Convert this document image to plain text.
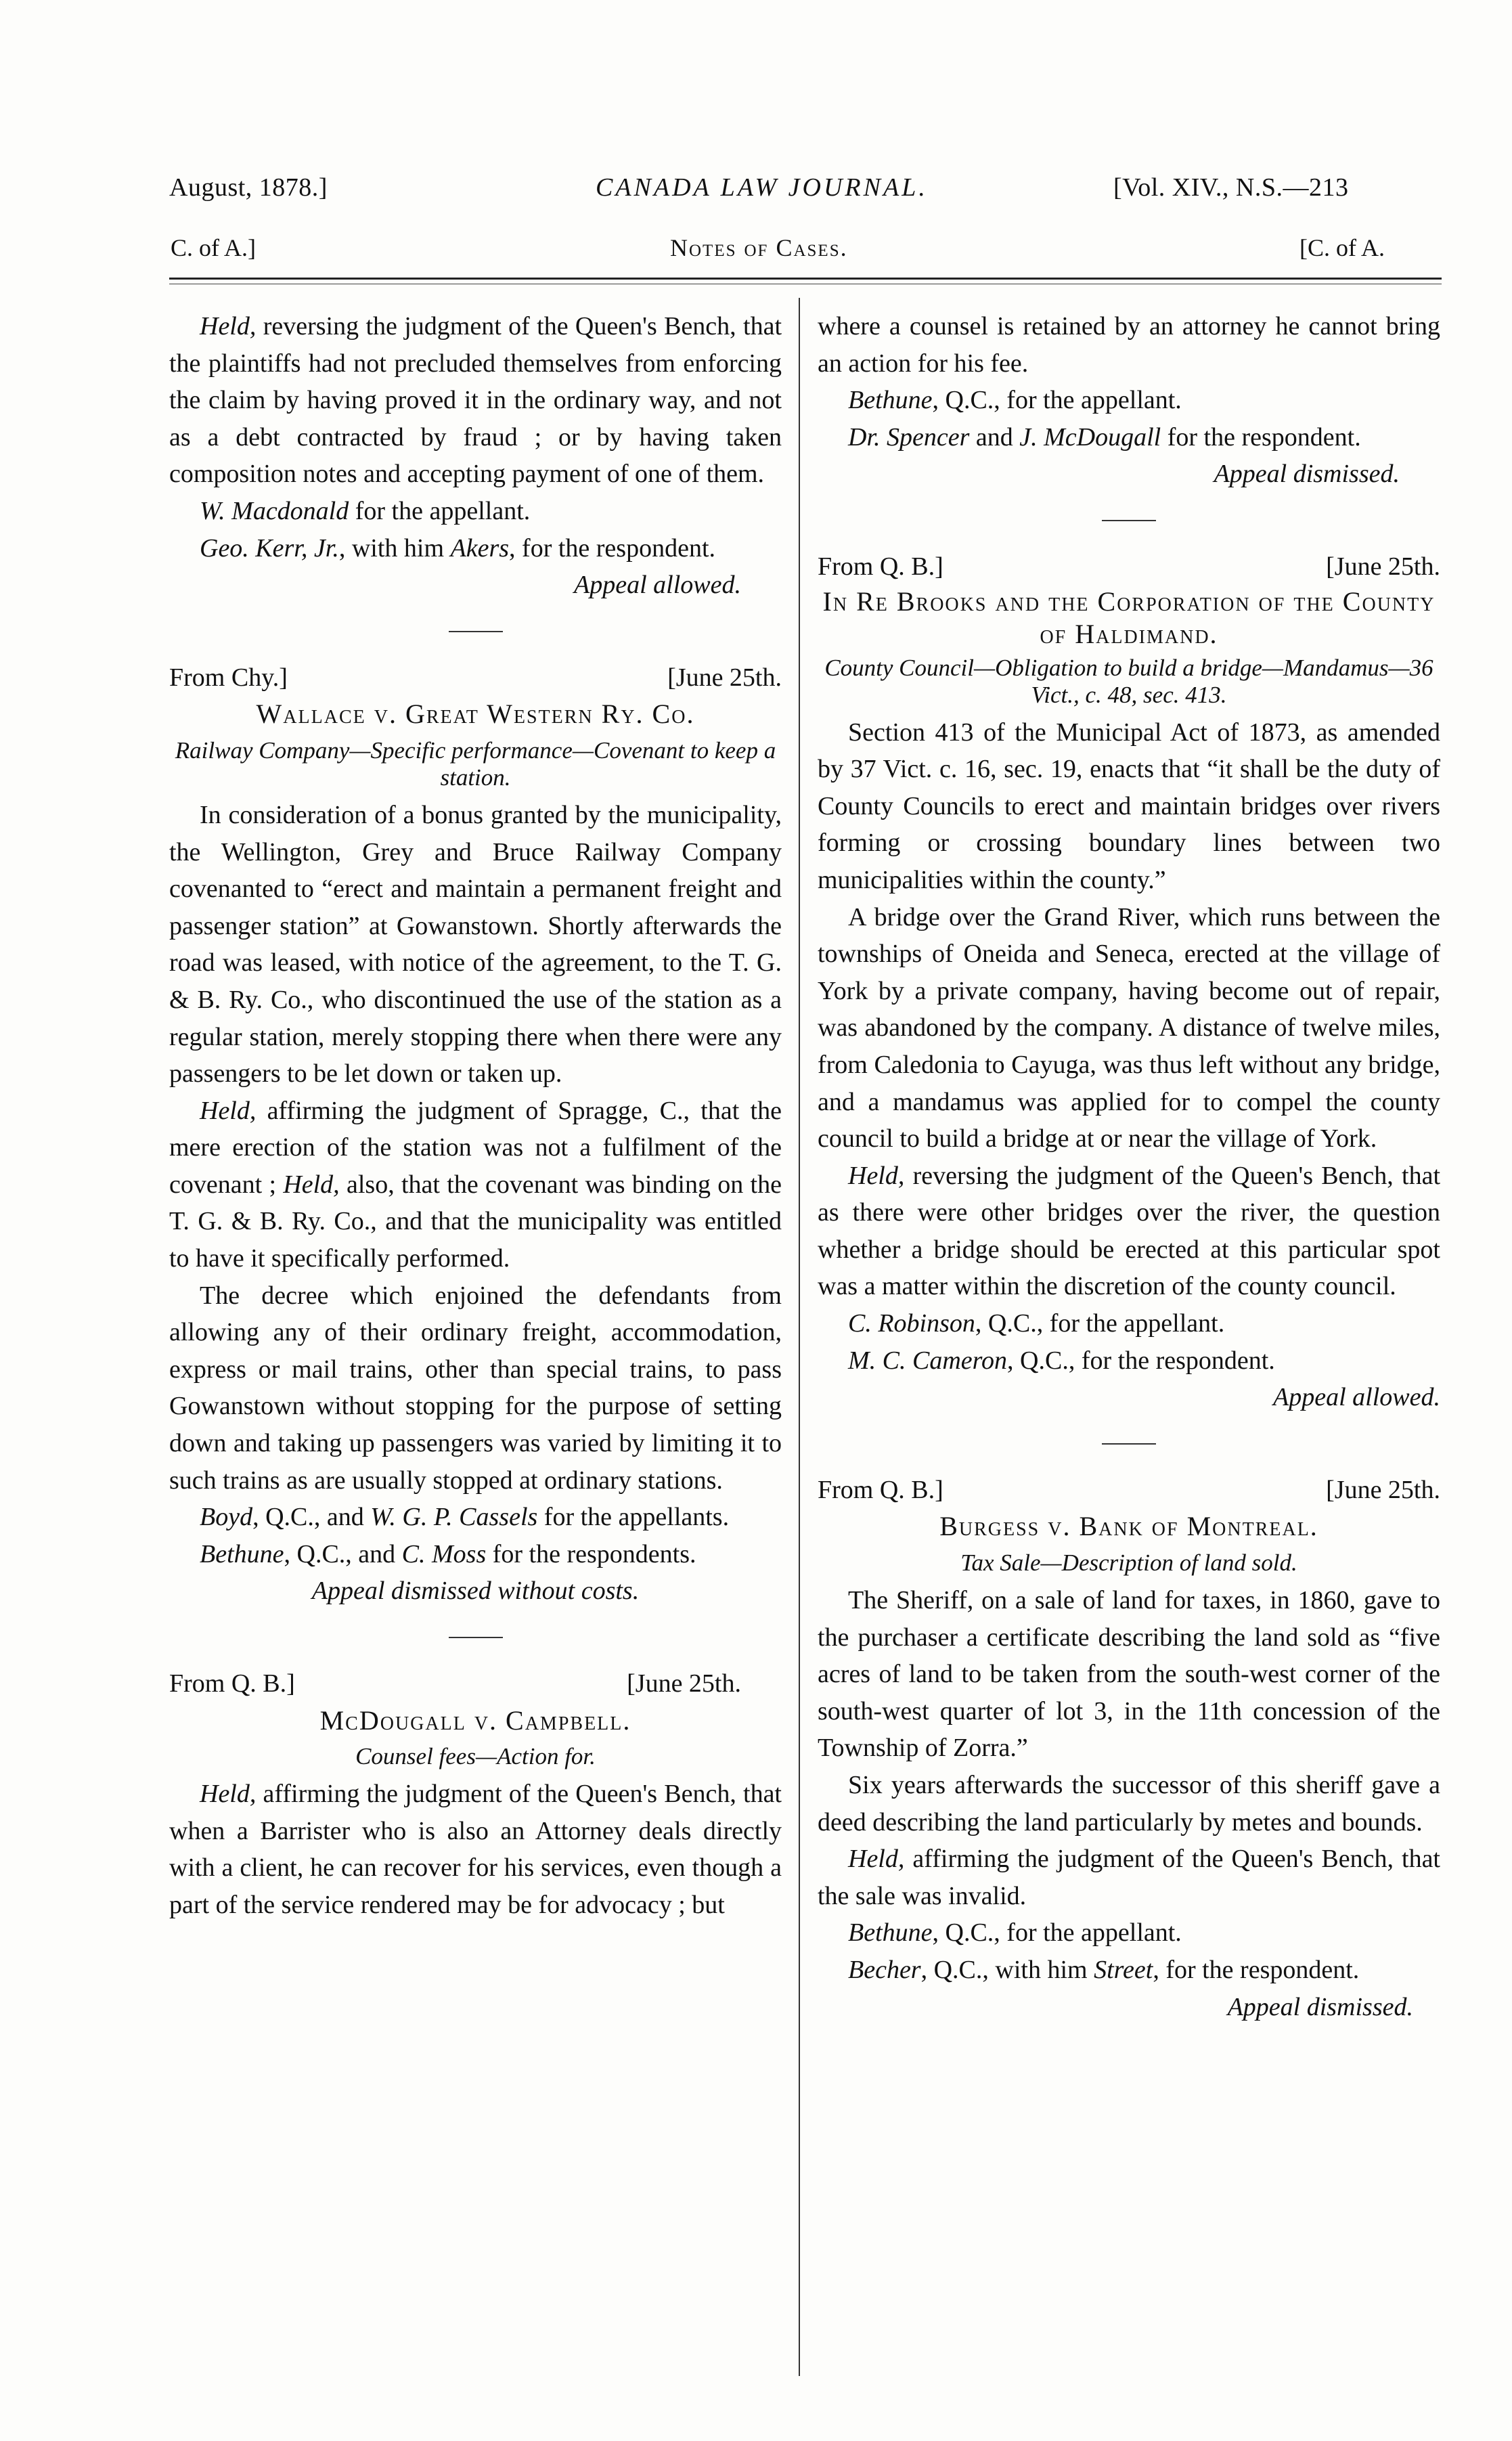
August, 1878.]	CANADA LAW JOURNAL.	[Vol. XIV., N.S.—213
C. of A.]	Notes of Cases.	[C. of A.

Held, reversing the judgment of the Queen's Bench, that the plaintiffs had not precluded themselves from enforcing the claim by having proved it in the ordinary way, and not as a debt contracted by fraud ; or by having taken composition notes and accepting payment of one of them.

W. Macdonald for the appellant.

Geo. Kerr, Jr., with him Akers, for the respondent.

Appeal allowed.

From Chy.]	[June 25th.

Wallace v. Great Western Ry. Co.

Railway Company—Specific performance—Covenant to keep a station.

In consideration of a bonus granted by the municipality, the Wellington, Grey and Bruce Railway Company covenanted to “erect and maintain a permanent freight and passenger station” at Gowanstown. Shortly afterwards the road was leased, with notice of the agreement, to the T. G. & B. Ry. Co., who discontinued the use of the station as a regular station, merely stopping there when there were any passengers to be let down or taken up.

Held, affirming the judgment of Spragge, C., that the mere erection of the station was not a fulfilment of the covenant ; Held, also, that the covenant was binding on the T. G. & B. Ry. Co., and that the municipality was entitled to have it specifically performed.

The decree which enjoined the defendants from allowing any of their ordinary freight, accommodation, express or mail trains, other than special trains, to pass Gowanstown without stopping for the purpose of setting down and taking up passengers was varied by limiting it to such trains as are usually stopped at ordinary stations.

Boyd, Q.C., and W. G. P. Cassels for the appellants.

Bethune, Q.C., and C. Moss for the respondents.

Appeal dismissed without costs.

From Q. B.]	[June 25th.

McDougall v. Campbell.

Counsel fees—Action for.

Held, affirming the judgment of the Queen's Bench, that when a Barrister who is also an Attorney deals directly with a client, he can recover for his services, even though a part of the service rendered may be for advocacy ; but

where a counsel is retained by an attorney he cannot bring an action for his fee.

Bethune, Q.C., for the appellant.

Dr. Spencer and J. McDougall for the respondent.

Appeal dismissed.

From Q. B.]	[June 25th.

In Re Brooks and the Corporation of the County of Haldimand.

County Council—Obligation to build a bridge—Mandamus—36 Vict., c. 48, sec. 413.

Section 413 of the Municipal Act of 1873, as amended by 37 Vict. c. 16, sec. 19, enacts that “it shall be the duty of County Councils to erect and maintain bridges over rivers forming or crossing boundary lines between two municipalities within the county.”

A bridge over the Grand River, which runs between the townships of Oneida and Seneca, erected at the village of York by a private company, having become out of repair, was abandoned by the company. A distance of twelve miles, from Caledonia to Cayuga, was thus left without any bridge, and a mandamus was applied for to compel the county council to build a bridge at or near the village of York.

Held, reversing the judgment of the Queen's Bench, that as there were other bridges over the river, the question whether a bridge should be erected at this particular spot was a matter within the discretion of the county council.

C. Robinson, Q.C., for the appellant.

M. C. Cameron, Q.C., for the respondent.

Appeal allowed.

From Q. B.]	[June 25th.

Burgess v. Bank of Montreal.

Tax Sale—Description of land sold.

The Sheriff, on a sale of land for taxes, in 1860, gave to the purchaser a certificate describing the land sold as “five acres of land to be taken from the south-west corner of the south-west quarter of lot 3, in the 11th concession of the Township of Zorra.”

Six years afterwards the successor of this sheriff gave a deed describing the land particularly by metes and bounds.

Held, affirming the judgment of the Queen's Bench, that the sale was invalid.

Bethune, Q.C., for the appellant.

Becher, Q.C., with him Street, for the respondent.

Appeal dismissed.
